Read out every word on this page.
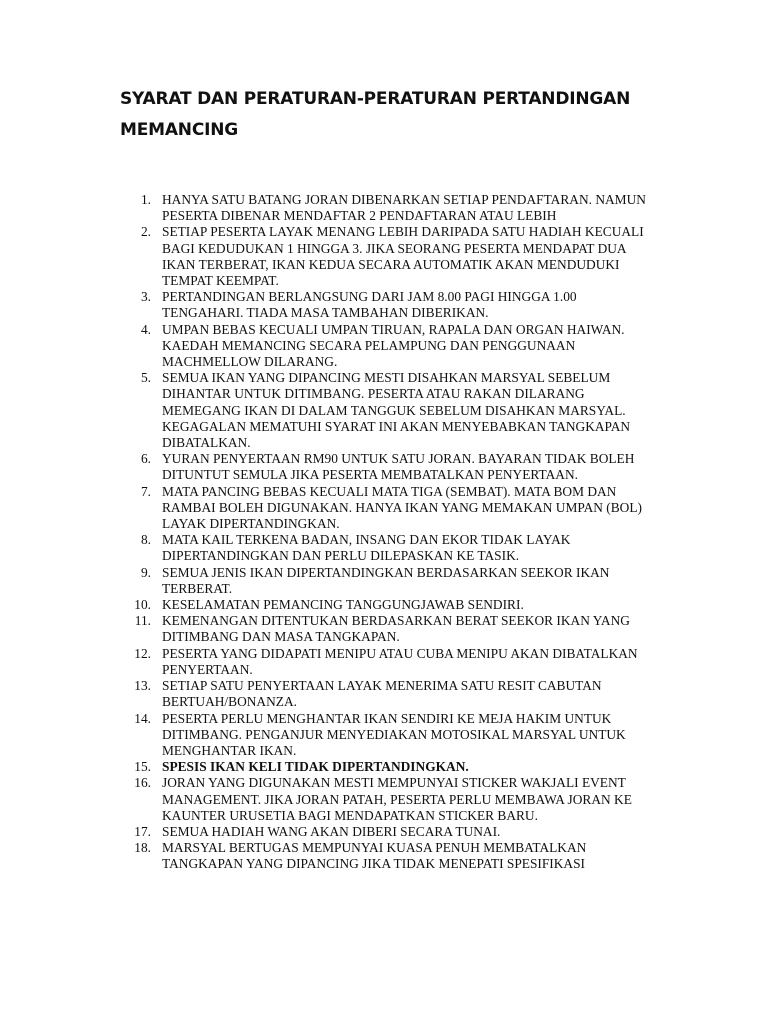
SYARAT DAN PERATURAN-PERATURAN PERTANDINGAN MEMANCING
1. HANYA SATU BATANG JORAN DIBENARKAN SETIAP PENDAFTARAN. NAMUN PESERTA DIBENAR MENDAFTAR 2 PENDAFTARAN ATAU LEBIH
2. SETIAP PESERTA LAYAK MENANG LEBIH DARIPADA SATU HADIAH KECUALI BAGI KEDUDUKAN 1 HINGGA 3. JIKA SEORANG PESERTA MENDAPAT DUA IKAN TERBERAT, IKAN KEDUA SECARA AUTOMATIK AKAN MENDUDUKI TEMPAT KEEMPAT.
3. PERTANDINGAN BERLANGSUNG DARI JAM 8.00 PAGI HINGGA 1.00 TENGAHARI. TIADA MASA TAMBAHAN DIBERIKAN.
4. UMPAN BEBAS KECUALI UMPAN TIRUAN, RAPALA DAN ORGAN HAIWAN. KAEDAH MEMANCING SECARA PELAMPUNG DAN PENGGUNAAN MACHMELLOW DILARANG.
5. SEMUA IKAN YANG DIPANCING MESTI DISAHKAN MARSYAL SEBELUM DIHANTAR UNTUK DITIMBANG. PESERTA ATAU RAKAN DILARANG MEMEGANG IKAN DI DALAM TANGGUK SEBELUM DISAHKAN MARSYAL. KEGAGALAN MEMATUHI SYARAT INI AKAN MENYEBABKAN TANGKAPAN DIBATALKAN.
6. YURAN PENYERTAAN RM90 UNTUK SATU JORAN. BAYARAN TIDAK BOLEH DITUNTUT SEMULA JIKA PESERTA MEMBATALKAN PENYERTAAN.
7. MATA PANCING BEBAS KECUALI MATA TIGA (SEMBAT). MATA BOM DAN RAMBAI BOLEH DIGUNAKAN. HANYA IKAN YANG MEMAKAN UMPAN (BOL) LAYAK DIPERTANDINGKAN.
8. MATA KAIL TERKENA BADAN, INSANG DAN EKOR TIDAK LAYAK DIPERTANDINGKAN DAN PERLU DILEPASKAN KE TASIK.
9. SEMUA JENIS IKAN DIPERTANDINGKAN BERDASARKAN SEEKOR IKAN TERBERAT.
10. KESELAMATAN PEMANCING TANGGUNGJAWAB SENDIRI.
11. KEMENANGAN DITENTUKAN BERDASARKAN BERAT SEEKOR IKAN YANG DITIMBANG DAN MASA TANGKAPAN.
12. PESERTA YANG DIDAPATI MENIPU ATAU CUBA MENIPU AKAN DIBATALKAN PENYERTAAN.
13. SETIAP SATU PENYERTAAN LAYAK MENERIMA SATU RESIT CABUTAN BERTUAH/BONANZA.
14. PESERTA PERLU MENGHANTAR IKAN SENDIRI KE MEJA HAKIM UNTUK DITIMBANG. PENGANJUR MENYEDIAKAN MOTOSIKAL MARSYAL UNTUK MENGHANTAR IKAN.
15. SPESIS IKAN KELI TIDAK DIPERTANDINGKAN.
16. JORAN YANG DIGUNAKAN MESTI MEMPUNYAI STICKER WAKJALI EVENT MANAGEMENT. JIKA JORAN PATAH, PESERTA PERLU MEMBAWA JORAN KE KAUNTER URUSETIA BAGI MENDAPATKAN STICKER BARU.
17. SEMUA HADIAH WANG AKAN DIBERI SECARA TUNAI.
18. MARSYAL BERTUGAS MEMPUNYAI KUASA PENUH MEMBATALKAN TANGKAPAN YANG DIPANCING JIKA TIDAK MENEPATI SPESIFIKASI
